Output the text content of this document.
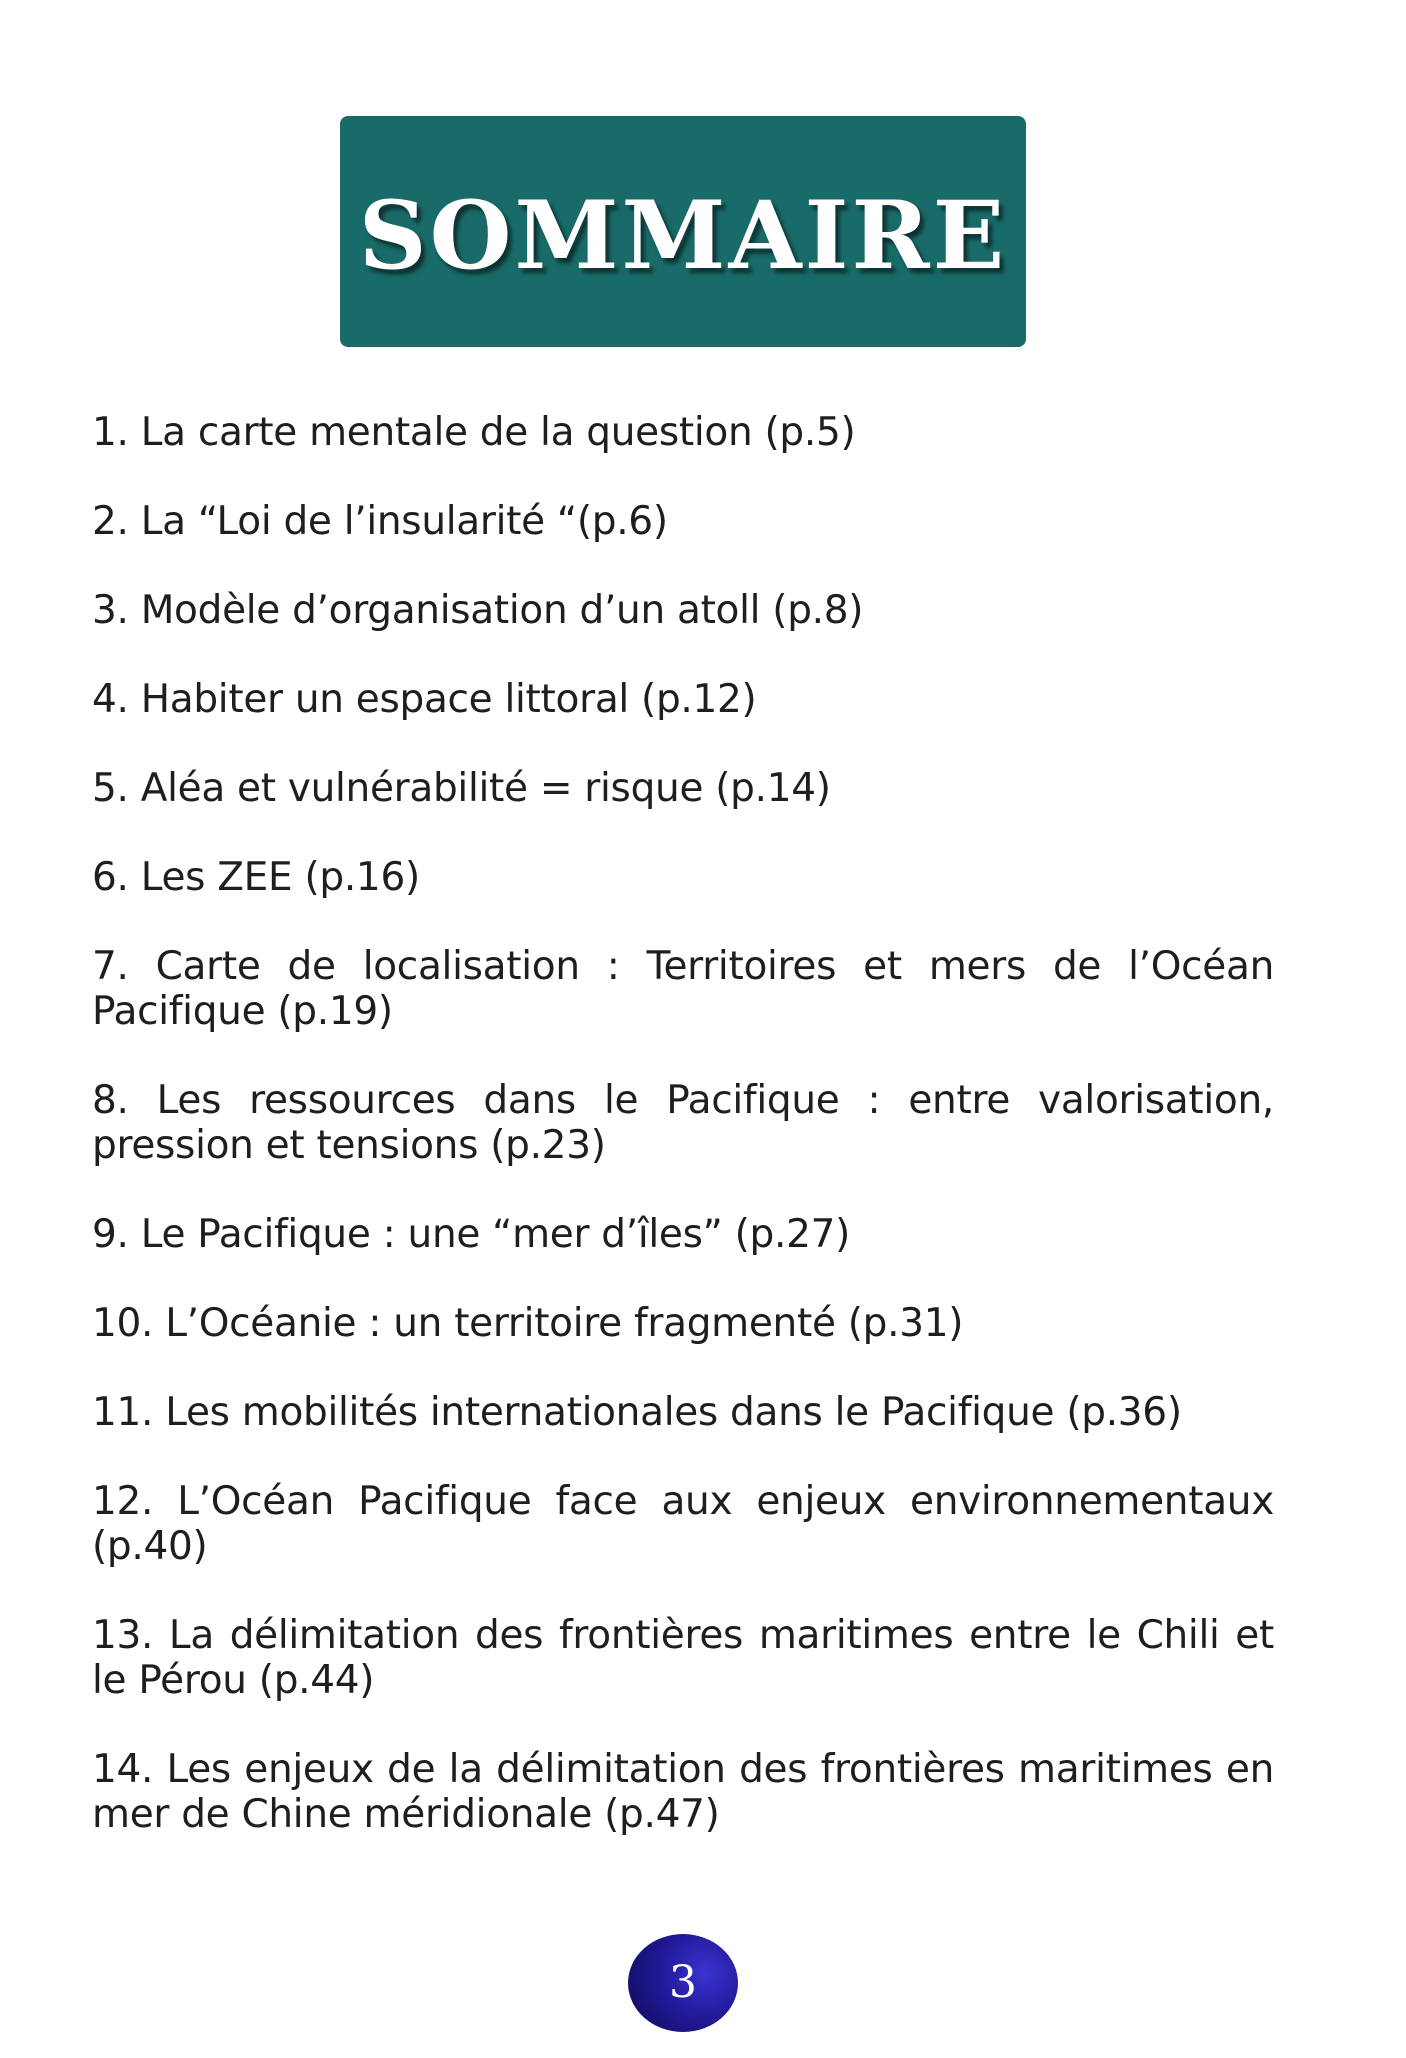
SOMMAIRE
1. La carte mentale de la question (p.5)
2. La “Loi de l’insularité “(p.6)
3. Modèle d’organisation d’un atoll (p.8)
4. Habiter un espace littoral (p.12)
5. Aléa et vulnérabilité = risque (p.14)
6. Les ZEE (p.16)
7. Carte de localisation : Territoires et mers de l’Océan Pacifique (p.19)
8. Les ressources dans le Pacifique : entre valorisation, pression et tensions (p.23)
9. Le Pacifique : une “mer d’îles” (p.27)
10. L’Océanie : un territoire fragmenté (p.31)
11. Les mobilités internationales dans le Pacifique (p.36)
12. L’Océan Pacifique face aux enjeux environnementaux (p.40)
13. La délimitation des frontières maritimes entre le Chili et le Pérou (p.44)
14. Les enjeux de la délimitation des frontières maritimes en mer de Chine méridionale (p.47)
3
